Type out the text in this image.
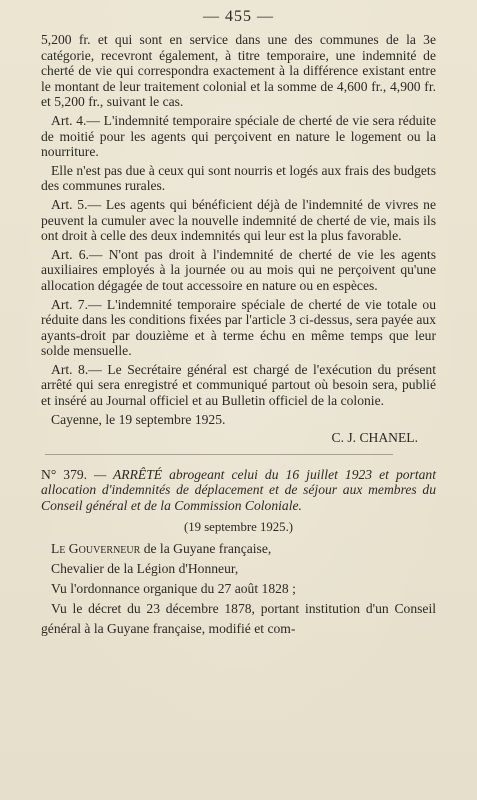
— 455 —

5,200 fr. et qui sont en service dans une des communes de la 3e catégorie, recevront également, à titre temporaire, une indemnité de cherté de vie qui correspondra exactement à la différence existant entre le montant de leur traitement colonial et la somme de 4,600 fr., 4,900 fr. et 5,200 fr., suivant le cas.

Art. 4.— L'indemnité temporaire spéciale de cherté de vie sera réduite de moitié pour les agents qui perçoivent en nature le logement ou la nourriture.

Elle n'est pas due à ceux qui sont nourris et logés aux frais des budgets des communes rurales.

Art. 5.— Les agents qui bénéficient déjà de l'indemnité de vivres ne peuvent la cumuler avec la nouvelle indemnité de cherté de vie, mais ils ont droit à celle des deux indemnités qui leur est la plus favorable.

Art. 6.— N'ont pas droit à l'indemnité de cherté de vie les agents auxiliaires employés à la journée ou au mois qui ne perçoivent qu'une allocation dégagée de tout accessoire en nature ou en espèces.

Art. 7.— L'indemnité temporaire spéciale de cherté de vie totale ou réduite dans les conditions fixées par l'article 3 ci-dessus, sera payée aux ayants-droit par douzième et à terme échu en même temps que leur solde mensuelle.

Art. 8.— Le Secrétaire général est chargé de l'exécution du présent arrêté qui sera enregistré et communiqué partout où besoin sera, publié et inséré au Journal officiel et au Bulletin officiel de la colonie.

Cayenne, le 19 septembre 1925.

C. J. CHANEL.

N° 379. — ARRÊTÉ abrogeant celui du 16 juillet 1923 et portant allocation d'indemnités de déplacement et de séjour aux membres du Conseil général et de la Commission Coloniale.
(19 septembre 1925.)

Le Gouverneur de la Guyane française,

Chevalier de la Légion d'Honneur,

Vu l'ordonnance organique du 27 août 1828 ;

Vu le décret du 23 décembre 1878, portant institution d'un Conseil général à la Guyane française, modifié et com-
